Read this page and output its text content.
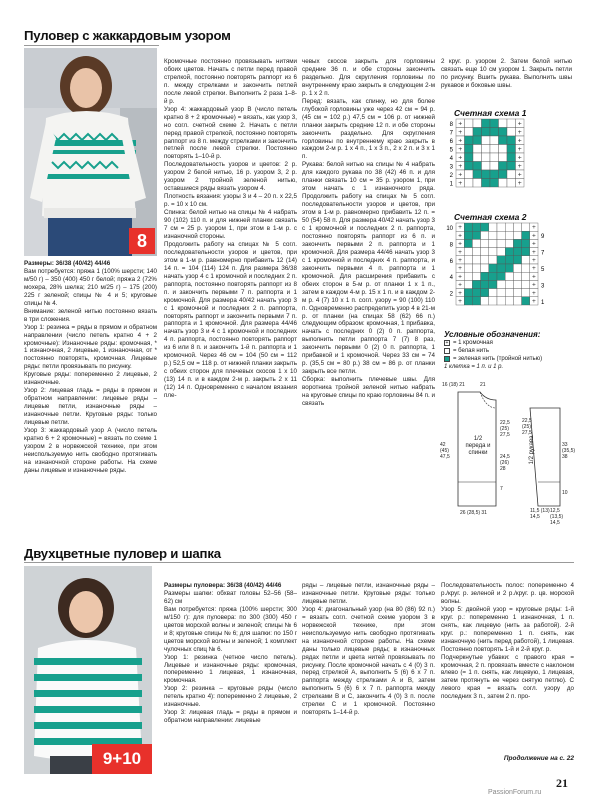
Пуловер с жаккардовым узором
8

Размеры: 36/38 (40/42) 44/46

Вам потребуется: пряжа 1 (100% шерсти; 140 м/50 г) – 350 (400) 450 г белой; пряжа 2 (72% мохера, 28% шелка; 210 м/25 г) – 175 (200) 225 г зеленой; спицы № 4 и 5; круговые спицы № 4.

Внимание: зеленой нитью постоянно вязать в три сложения.

Узор 1: резинка = ряды в прямом и обратном направлении (число петель кратно 4 + 2 кромочные): Изнаночные ряды: кромочная, * 1 изнаночная, 2 лицевые, 1 изнаночная, от * постоянно повторять, кромочная. Лицевые ряды: петли провязывать по рисунку.

Круговые ряды: попеременно 2 лицевые, 2 изнаночные.

Узор 2: лицевая гладь = ряды в прямом и обратном направлении: лицевые ряды – лицевые петли, изнаночные ряды – изнаночные петли. Круговые ряды: только лицевые петли.

Узор 3: жаккардовый узор А (число петель кратно 6 + 2 кромочные) = вязать по схеме 1 узором 2 в норвежской технике, при этом неиспользуемую нить свободно протягивать на изнаночной стороне работы. На схеме даны лицевые и изнаночные ряды.

Кромочные постоянно провязывать нитями обоих цветов. Начать с петли перед правой стрелкой, постоянно повторять раппорт из 6 п. между стрелками и закончить петлей после левой стрелки. Выполнить 2 раза 1–8-й р.

Узор 4: жаккардовый узор В (число петель кратно 8 + 2 кромочные) = вязать, как узор 3, но согл. счетной схеме 2. Начать с петли перед правой стрелкой, постоянно повторять раппорт из 8 п. между стрелками и закончить петлей после левой стрелки. Постоянно повторять 1–10-й р.

Последовательность узоров и цветов: 2 р. узором 2 белой нитью, 16 р. узором 3, 2 р. узором 2 тройной зеленой нитью, оставшиеся ряды вязать узором 4.

Плотность вязания: узоры 3 и 4 – 20 п. x 22,5 р. = 10 x 10 см.

Спинка: белой нитью на спицы № 4 набрать 90 (102) 110 п. и для нижней планки связать 7 см = 25 р. узором 1, при этом в 1-м р. с изнаночной стороны.

Продолжить работу на спицах № 5 согл. последовательности узоров и цветов, при этом в 1-м р. равномерно прибавить 12 (14) 14 п. = 104 (114) 124 п. Для размера 36/38 начать узор 4 с 1 кромочной и последних 2 п. раппорта, постоянно повторять раппорт из 8 п. и закончить первыми 7 п. раппорта и 1 кромочной. Для размера 40/42 начать узор 3 с 1 кромочной и последних 2 п. раппорта, повторять раппорт и закончить первыми 7 п. раппорта и 1 кромочной. Для размера 44/46 начать узор 3 и 4 с 1 кромочной и последних 4 п. раппорта, постоянно повторять раппорт из 6 или 8 п. и закончить 1-й п. раппорта и 1 кромочной. Через 46 см = 104 (50 см = 112 р.) 52,5 см = 118 р. от нижней планки закрыть с обеих сторон для плечевых скосов 1 x 10 (13) 14 п. и в каждом 2-м р. закрыть 2 x 11 (12) 14 п. Одновременно с началом вязания пле-

чевых скосов закрыть для горловины средние 36 п. и обе стороны закончить раздельно. Для скругления горловины по внутреннему краю закрыть в следующем 2-м р. 1 x 2 п.

Перед: вязать, как спинку, но для более глубокой горловины уже через 42 см = 94 р. (45 см = 102 р.) 47,5 см = 106 р. от нижней планки закрыть средние 12 п. и обе стороны закончить раздельно. Для скругления горловины по внутреннему краю закрыть в каждом 2-м р. 1 x 4 п., 1 x 3 п., 2 x 2 п. и 3 x 1 п.

Рукава: белой нитью на спицы № 4 набрать для каждого рукава по 38 (42) 46 п. и для планки связать 10 см = 35 р. узором 1, при этом начать с 1 изнаночного ряда. Продолжить работу на спицах № 5 согл. последовательности узоров и цветов, при этом в 1-м р. равномерно прибавить 12 п. = 50 (54) 58 п. Для размера 40/42 начать узор 3 с 1 кромочной и последних 2 п. раппорта, постоянно повторять раппорт из 6 п. и закончить первыми 2 п. раппорта и 1 кромочной. Для размера 44/46 начать узор 3 с 1 кромочной и последних 4 п. раппорта, и закончить первыми 4 п. раппорта и 1 кромочной. Для расширения прибавить с обеих сторон в 5-м р. от планки 1 x 1 п., затем в каждом 4-м р. 15 x 1 п. и в каждом 2-м р. 4 (7) 10 x 1 п. согл. узору = 90 (100) 110 п. Одновременно распределить узор 4 в 21-м р. от планки (на спицах 58 (62) 66 п.) следующим образом: кромочная, 1 прибавка, начать с последних 0 (2) 0 п. раппорта, выполнить петли раппорта 7 (7) 8 раз, закончить первыми 0 (2) 0 п. раппорта, 1 прибавкой и 1 кромочной. Через 33 см = 74 р. (35,5 см = 80 р.) 38 см = 86 р. от планки закрыть все петли.

Сборка: выполнить плечевые швы. Для воротника тройной зеленой нитью набрать на круговые спицы по краю горловины 84 п. и связать

2 круг. р. узором 2. Затем белой нитью связать еще 10 см узором 1. Закрыть петли по рисунку. Вшить рукава. Выполнить швы рукавов и боковые швы.

Счетная схема 1
+	+
+	+
+	+
+	+
+	+
+	+
+	+
+	+
8
7
6
5
4
3
2
1
Счетная схема 2
+	+
+	+
+	+
+	+
+	+
+	+
+	+
+	+
+	+
+	+
10
8
6
4
2
9
7
5
3
1
Условные обозначения:
+ = 1 кромочная
= белая нить
= зеленая нить (тройной нитью)
1 клетка = 1 п. и 1 р.
1/2 переда и спинки	1/2 рукава
21
16 (18) 21
22,5 (25) 27,5
42 (45) 47,5	24,5 (26) 28
7
26 (28,5) 31
33 (35,5) 38
22,5 (25) 27,5
10
11,5 (13) 14,5
12,5 (13,5) 14,5
Двухцветные пуловер и шапка
9+10

Размеры пуловера: 36/38 (40/42) 44/46

Размеры шапки: обхват головы 52–56 (58–62) см

Вам потребуется: пряжа (100% шерсти; 300 м/150 г): для пуловера: по 300 (300) 450 г цветов морской волны и зеленой; спицы № 6 и 8; круговые спицы № 6; для шапки: по 150 г цветов морской волны и зеленой; 1 комплект чулочных спиц № 6.

Узор 1: резинка (четное число петель). Лицевые и изнаночные ряды: кромочная, попеременно 1 лицевая, 1 изнаночная, кромочная.

Узор 2: резинка – круговые ряды (число петель кратно 4): попеременно 2 лицевые, 2 изнаночные.

Узор 3: лицевая гладь = ряды в прямом и обратном направлении: лицевые

ряды – лицевые петли, изнаночные ряды – изнаночные петли. Круговые ряды: только лицевые петли.

Узор 4: диагональный узор (на 80 (86) 92 п.) = вязать согл. счетной схеме узором 3 в норвежской технике, при этом неиспользуемую нить свободно протягивать на изнаночной стороне работы. На схеме даны только лицевые ряды; в изнаночных рядах петли и цвета нитей провязывать по рисунку. После кромочной начать с 4 (0) 3 п. перед стрелкой А, выполнить 5 (6) 6 x 7 п. раппорта между стрелками А и В, затем выполнить 5 (6) 6 x 7 п. раппорта между стрелками В и С, закончить 4 (0) 3 п. после стрелки С и 1 кромочной. Постоянно повторять 1–14-й р.

Последовательность полос: попеременно 4 р./круг. р. зеленой и 2 р./круг. р. цв. морской волны.

Узор 5: двойной узор = круговые ряды: 1-й круг. р.: попеременно 1 изнаночная, 1 п. снять, как лицевую (нить за работой). 2-й круг. р.: попеременно 1 п. снять, как изнаночную (нить перед работой), 1 лицевая. Постоянно повторять 1-й и 2-й круг. р.

Подчеркнутые убавки: с правого края = кромочная, 2 п. провязать вместе с наклоном влево (= 1 п. снять, как лицевую, 1 лицевая, затем протянуть ее через снятую петлю). С левого края = вязать согл. узору до последних 3 п., затем 2 п. про-

Продолжение на с. 22
21
PassionForum.ru
